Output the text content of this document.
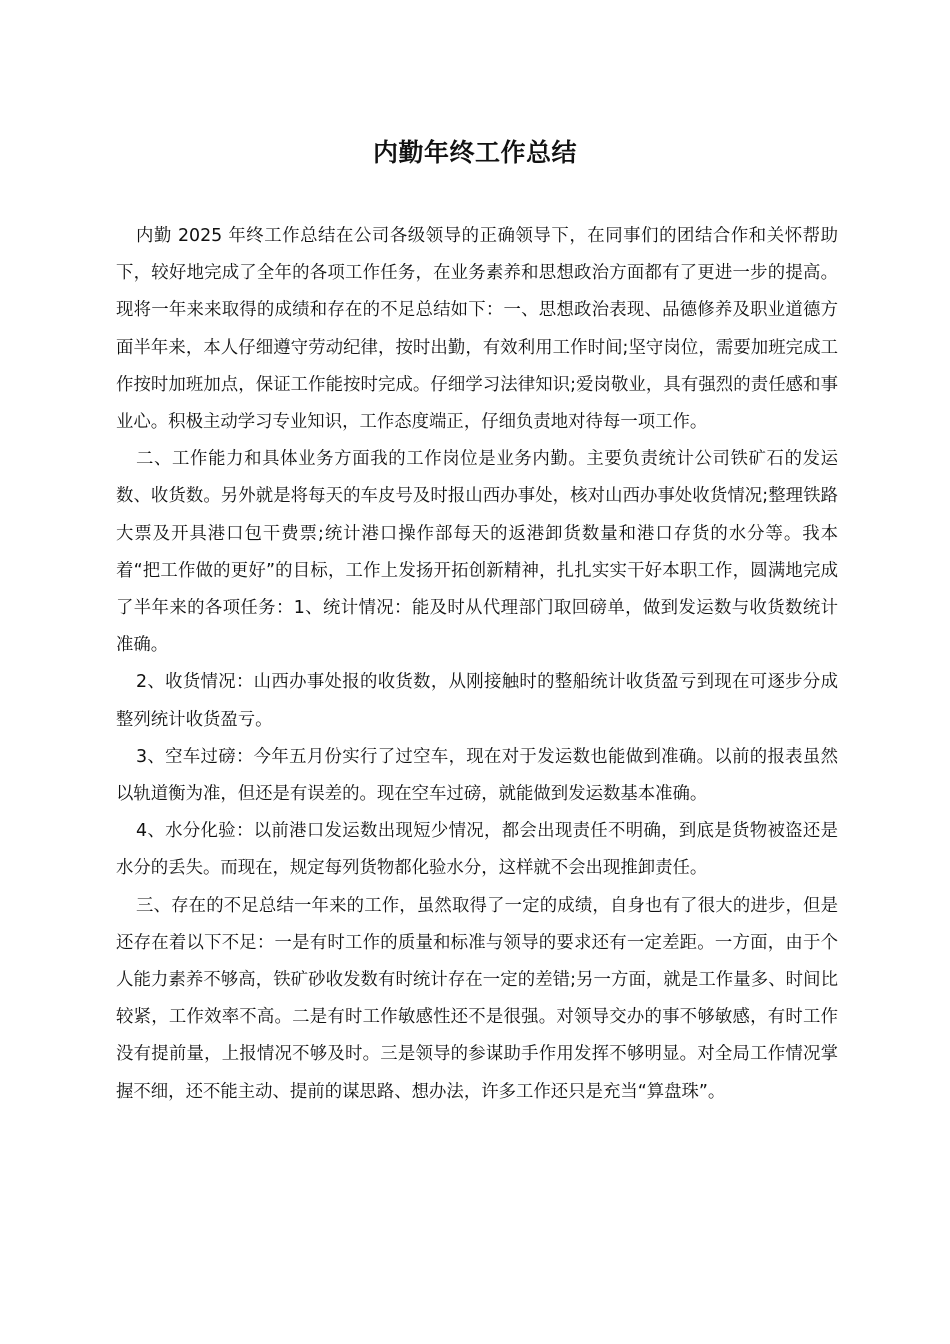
内勤年终工作总结

内勤 2025 年终工作总结在公司各级领导的正确领导下，在同事们的团结合作和关怀帮助下，较好地完成了全年的各项工作任务，在业务素养和思想政治方面都有了更进一步的提高。现将一年来来取得的成绩和存在的不足总结如下：一、思想政治表现、品德修养及职业道德方面半年来，本人仔细遵守劳动纪律，按时出勤，有效利用工作时间;坚守岗位，需要加班完成工作按时加班加点，保证工作能按时完成。仔细学习法律知识;爱岗敬业，具有强烈的责任感和事业心。积极主动学习专业知识，工作态度端正，仔细负责地对待每一项工作。

二、工作能力和具体业务方面我的工作岗位是业务内勤。主要负责统计公司铁矿石的发运数、收货数。另外就是将每天的车皮号及时报山西办事处，核对山西办事处收货情况;整理铁路大票及开具港口包干费票;统计港口操作部每天的返港卸货数量和港口存货的水分等。我本着“把工作做的更好”的目标，工作上发扬开拓创新精神，扎扎实实干好本职工作，圆满地完成了半年来的各项任务：1、统计情况：能及时从代理部门取回磅单，做到发运数与收货数统计准确。

2、收货情况：山西办事处报的收货数，从刚接触时的整船统计收货盈亏到现在可逐步分成整列统计收货盈亏。

3、空车过磅：今年五月份实行了过空车，现在对于发运数也能做到准确。以前的报表虽然以轨道衡为准，但还是有误差的。现在空车过磅，就能做到发运数基本准确。

4、水分化验：以前港口发运数出现短少情况，都会出现责任不明确，到底是货物被盗还是水分的丢失。而现在，规定每列货物都化验水分，这样就不会出现推卸责任。

三、存在的不足总结一年来的工作，虽然取得了一定的成绩，自身也有了很大的进步，但是还存在着以下不足：一是有时工作的质量和标准与领导的要求还有一定差距。一方面，由于个人能力素养不够高，铁矿砂收发数有时统计存在一定的差错;另一方面，就是工作量多、时间比较紧，工作效率不高。二是有时工作敏感性还不是很强。对领导交办的事不够敏感，有时工作没有提前量，上报情况不够及时。三是领导的参谋助手作用发挥不够明显。对全局工作情况掌握不细，还不能主动、提前的谋思路、想办法，许多工作还只是充当“算盘珠”。
